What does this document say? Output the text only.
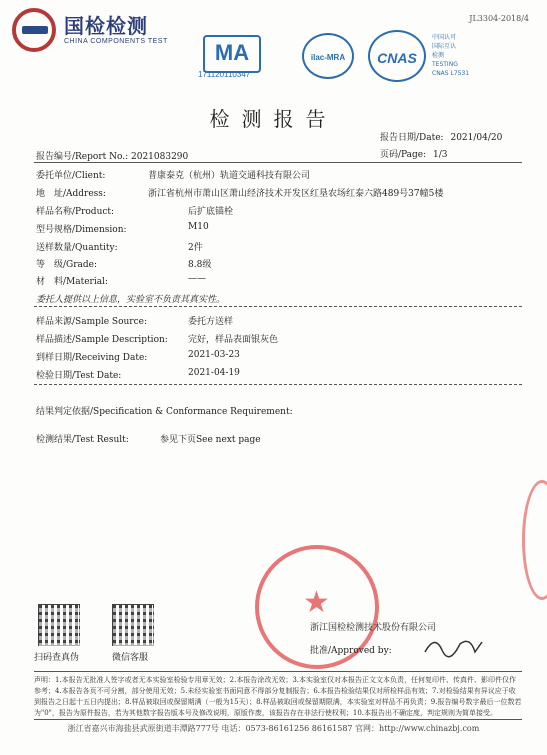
国检检测
CHINA COMPONENTS TEST
JL3304-2018/4
MA
171120110347
ilac-MRA	CNAS
中国认可
国际互认
检测
TESTING
CNAS L7531
检测报告
报告日期/Date: 2021/04/20
报告编号/Report No.: 2021083290	页码/Page: 1/3
委托单位/Client:	普康泰克（杭州）轨道交通科技有限公司
地　址/Address:	浙江省杭州市萧山区萧山经济技术开发区红垦农场红泰六路489号37幢5楼
样品名称/Product:	后扩底锚栓
型号规格/Dimension:	M10
送样数量/Quantity:	2件
等　级/Grade:	8.8级
材　料/Material:	——
委托人提供以上信息，实验室不负责其真实性。
样品来源/Sample Source:	委托方送样
样品描述/Sample Description: 完好，样品表面银灰色
到样日期/Receiving Date:	2021-03-23
检验日期/Test Date:	2021-04-19
结果判定依据/Specification & Conformance Requirement:
检测结果/Test Result:	参见下页See next page
★
扫码查真伪	微信客服
浙江国检检测技术股份有限公司
批准/Approved by:
声明：1.本报告无批准人签字或者无本实验室检验专用章无效；2.本报告涂改无效；3.本实验室仅对本报告正文文本负责，任何复印件、传真件、影印件仅作参考；4.本报告各页不可分割，部分使用无效；5.未经实验室书面同意不得部分复制报告；6.本报告检验结果仅对所检样品有效；7.对检验结果有异议应于收到报告之日起十五日内提出；8.样品被取回或保留期满（一般为15天）；8.样品被取回或保留期限满，本实验室对样品不再负责；9.报告编号数字最后一位数若为"0"，报告为原件报告，若为其他数字报告版本号及修改说明，原版作废，该报告存在非法行使权利；10.本报告出不确定度，判定规则为简单接受。
浙江省嘉兴市海盐县武原街道丰潭路777号 电话：0573-86161256 86161587 官网：http://www.chinazbj.com
